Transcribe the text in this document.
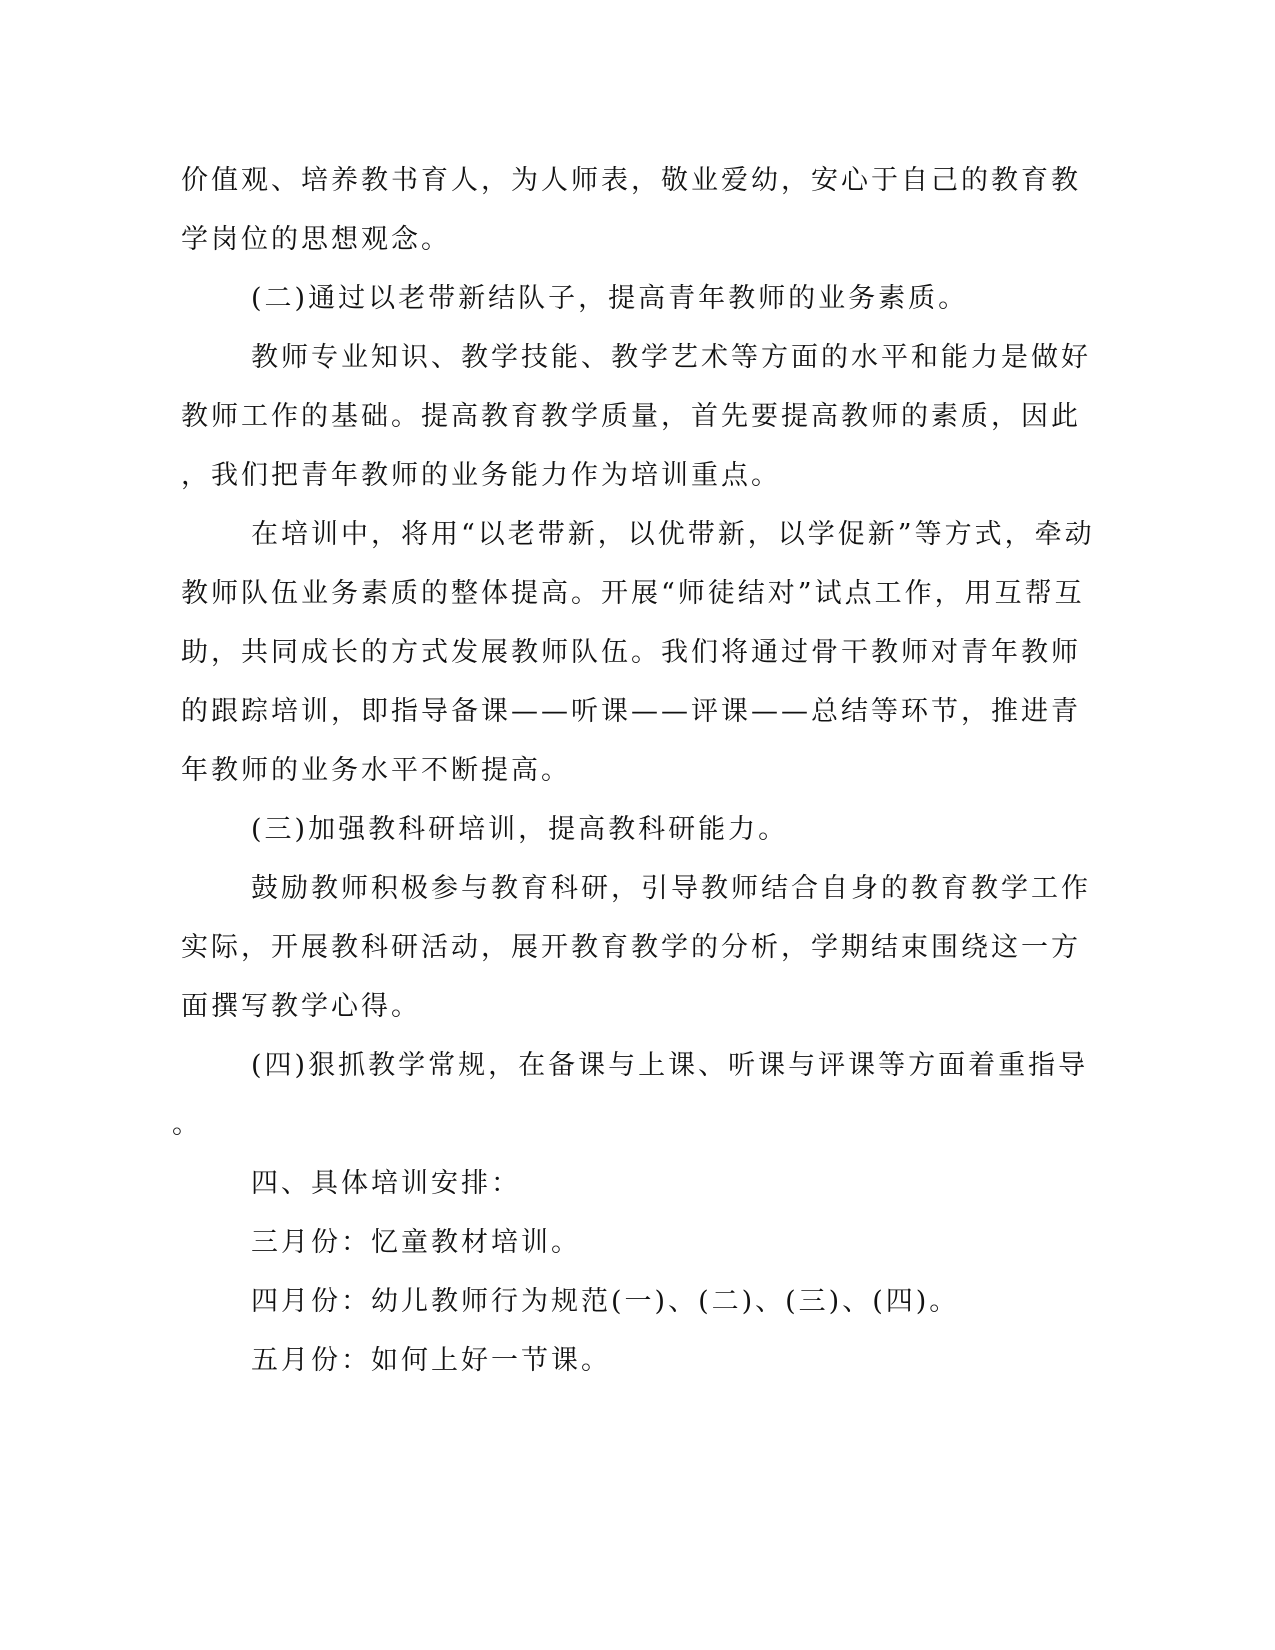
价值观、培养教书育人，为人师表，敬业爱幼，安心于自己的教育教
学岗位的思想观念。
(二)通过以老带新结队子，提高青年教师的业务素质。
教师专业知识、教学技能、教学艺术等方面的水平和能力是做好
教师工作的基础。提高教育教学质量，首先要提高教师的素质，因此
，我们把青年教师的业务能力作为培训重点。
在培训中，将用“以老带新，以优带新，以学促新”等方式，牵动
教师队伍业务素质的整体提高。开展“师徒结对”试点工作，用互帮互
助，共同成长的方式发展教师队伍。我们将通过骨干教师对青年教师
的跟踪培训，即指导备课——听课——评课——总结等环节，推进青
年教师的业务水平不断提高。
(三)加强教科研培训，提高教科研能力。
鼓励教师积极参与教育科研，引导教师结合自身的教育教学工作
实际，开展教科研活动，展开教育教学的分析，学期结束围绕这一方
面撰写教学心得。
(四)狠抓教学常规，在备课与上课、听课与评课等方面着重指导
。
四、具体培训安排：
三月份：忆童教材培训。
四月份：幼儿教师行为规范(一)、(二)、(三)、(四)。
五月份：如何上好一节课。
